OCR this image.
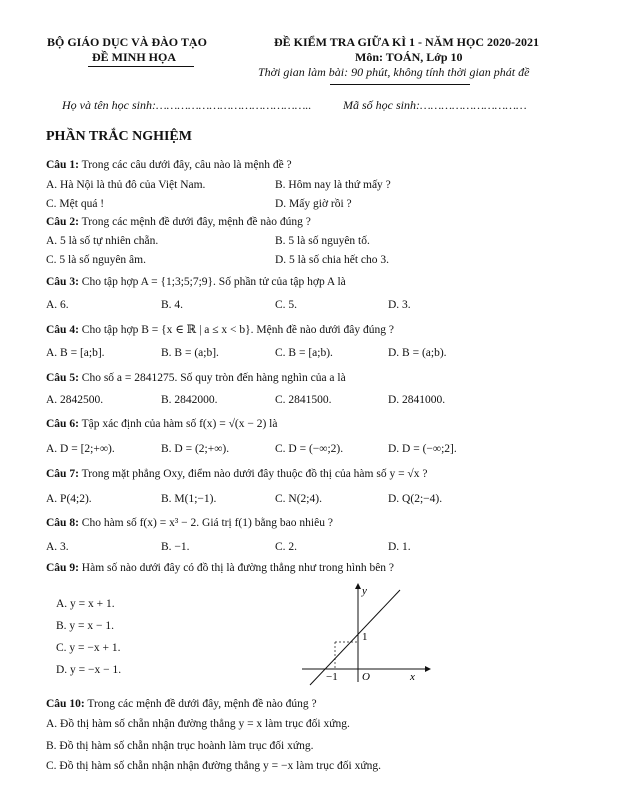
BỘ GIÁO DỤC VÀ ĐÀO TẠO
ĐỀ MINH HỌA
ĐỀ KIỂM TRA GIỮA KÌ 1 - NĂM HỌC 2020-2021
Môn: TOÁN, Lớp 10
Thời gian làm bài: 90 phút, không tính thời gian phát đề
Họ và tên học sinh:……………………………………..	Mã số học sinh:…………………………
PHẦN TRẮC NGHIỆM
Câu 1: Trong các câu dưới đây, câu nào là mệnh đề ?
A. Hà Nội là thủ đô của Việt Nam.	B. Hôm nay là thứ mấy ?
C. Mệt quá !	D. Mấy giờ rồi ?
Câu 2: Trong các mệnh đề dưới đây, mệnh đề nào đúng ?
A. 5 là số tự nhiên chẵn.	B. 5 là số nguyên tố.
C. 5 là số nguyên âm.	D. 5 là số chia hết cho 3.
Câu 3: Cho tập hợp A = {1;3;5;7;9}. Số phần tử của tập hợp A là
A. 6.	B. 4.	C. 5.	D. 3.
Câu 4: Cho tập hợp B = {x ∈ ℝ | a ≤ x < b}. Mệnh đề nào dưới đây đúng ?
A. B = [a;b].	B. B = (a;b].	C. B = [a;b).	D. B = (a;b).
Câu 5: Cho số a = 2841275. Số quy tròn đến hàng nghìn của a là
A. 2842500.	B. 2842000.	C. 2841500.	D. 2841000.
Câu 6: Tập xác định của hàm số f(x) = √(x − 2) là
A. D = [2;+∞).	B. D = (2;+∞).	C. D = (−∞;2).	D. D = (−∞;2].
Câu 7: Trong mặt phẳng Oxy, điểm nào dưới đây thuộc đồ thị của hàm số y = √x ?
A. P(4;2).	B. M(1;−1).	C. N(2;4).	D. Q(2;−4).
Câu 8: Cho hàm số f(x) = x³ − 2. Giá trị f(1) bằng bao nhiêu ?
A. 3.	B. −1.	C. 2.	D. 1.
Câu 9: Hàm số nào dưới đây có đồ thị là đường thẳng như trong hình bên ?
A. y = x + 1.
B. y = x − 1.
C. y = −x + 1.
D. y = −x − 1.
y
x
O
1
−1
Câu 10: Trong các mệnh đề dưới đây, mệnh đề nào đúng ?
A. Đồ thị hàm số chẵn nhận đường thẳng y = x làm trục đối xứng.
B. Đồ thị hàm số chẵn nhận trục hoành làm trục đối xứng.
C. Đồ thị hàm số chẵn nhận nhận đường thẳng y = −x làm trục đối xứng.
